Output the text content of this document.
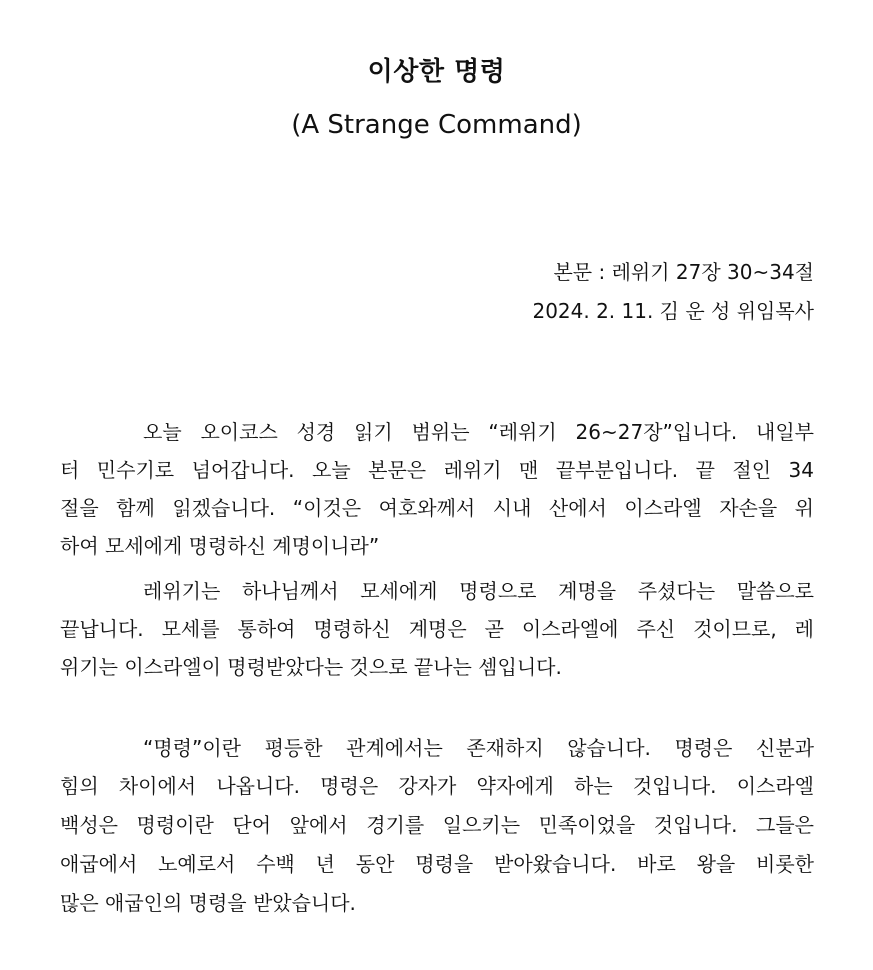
이상한 명령
(A Strange Command)
본문 : 레위기 27장 30~34절
2024. 2. 11. 김 운 성 위임목사
오늘 오이코스 성경 읽기 범위는 “레위기 26~27장”입니다. 내일부
터 민수기로 넘어갑니다. 오늘 본문은 레위기 맨 끝부분입니다. 끝 절인 34
절을 함께 읽겠습니다. “이것은 여호와께서 시내 산에서 이스라엘 자손을 위
하여 모세에게 명령하신 계명이니라”
레위기는 하나님께서 모세에게 명령으로 계명을 주셨다는 말씀으로
끝납니다. 모세를 통하여 명령하신 계명은 곧 이스라엘에 주신 것이므로, 레
위기는 이스라엘이 명령받았다는 것으로 끝나는 셈입니다.
“명령”이란 평등한 관계에서는 존재하지 않습니다. 명령은 신분과
힘의 차이에서 나옵니다. 명령은 강자가 약자에게 하는 것입니다. 이스라엘
백성은 명령이란 단어 앞에서 경기를 일으키는 민족이었을 것입니다. 그들은
애굽에서 노예로서 수백 년 동안 명령을 받아왔습니다. 바로 왕을 비롯한
많은 애굽인의 명령을 받았습니다.
